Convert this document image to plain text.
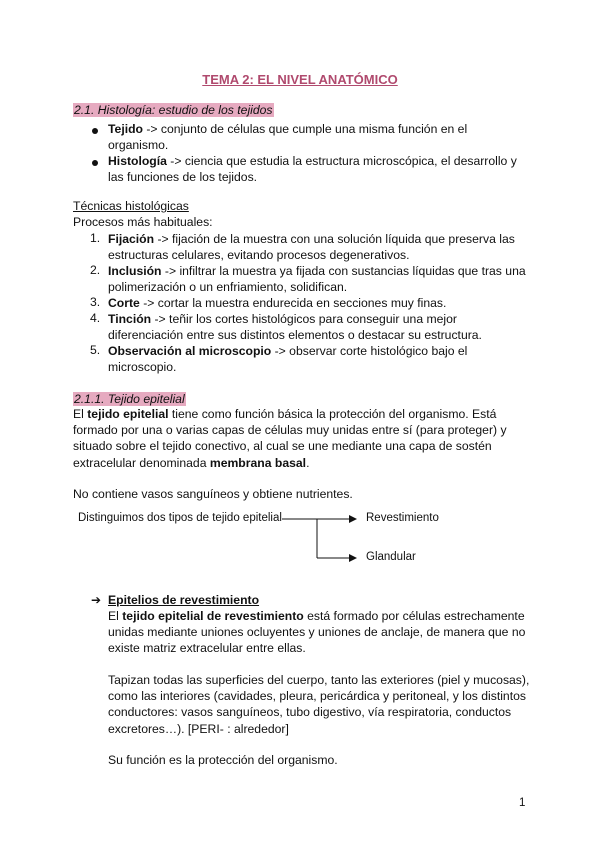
TEMA 2: EL NIVEL ANATÓMICO
2.1. Histología: estudio de los tejidos
Tejido -> conjunto de células que cumple una misma función en el
organismo.
Histología -> ciencia que estudia la estructura microscópica, el desarrollo y
las funciones de los tejidos.
Técnicas histológicas
Procesos más habituales:
1. Fijación -> fijación de la muestra con una solución líquida que preserva las
estructuras celulares, evitando procesos degenerativos.
2. Inclusión -> infiltrar la muestra ya fijada con sustancias líquidas que tras una
polimerización o un enfriamiento, solidifican.
3. Corte -> cortar la muestra endurecida en secciones muy finas.
4. Tinción -> teñir los cortes histológicos para conseguir una mejor
diferenciación entre sus distintos elementos o destacar su estructura.
5. Observación al microscopio -> observar corte histológico bajo el
microscopio.
2.1.1. Tejido epitelial
El tejido epitelial tiene como función básica la protección del organismo. Está
formado por una o varias capas de células muy unidas entre sí (para proteger) y
situado sobre el tejido conectivo, al cual se une mediante una capa de sostén
extracelular denominada membrana basal.
No contiene vasos sanguíneos y obtiene nutrientes.
Distinguimos dos tipos de tejido epitelial	Revestimiento
Glandular
➔ Epitelios de revestimiento
El tejido epitelial de revestimiento está formado por células estrechamente
unidas mediante uniones ocluyentes y uniones de anclaje, de manera que no
existe matriz extracelular entre ellas.
Tapizan todas las superficies del cuerpo, tanto las exteriores (piel y mucosas),
como las interiores (cavidades, pleura, pericárdica y peritoneal, y los distintos
conductores: vasos sanguíneos, tubo digestivo, vía respiratoria, conductos
excretores…). [PERI- : alrededor]
Su función es la protección del organismo.
1
